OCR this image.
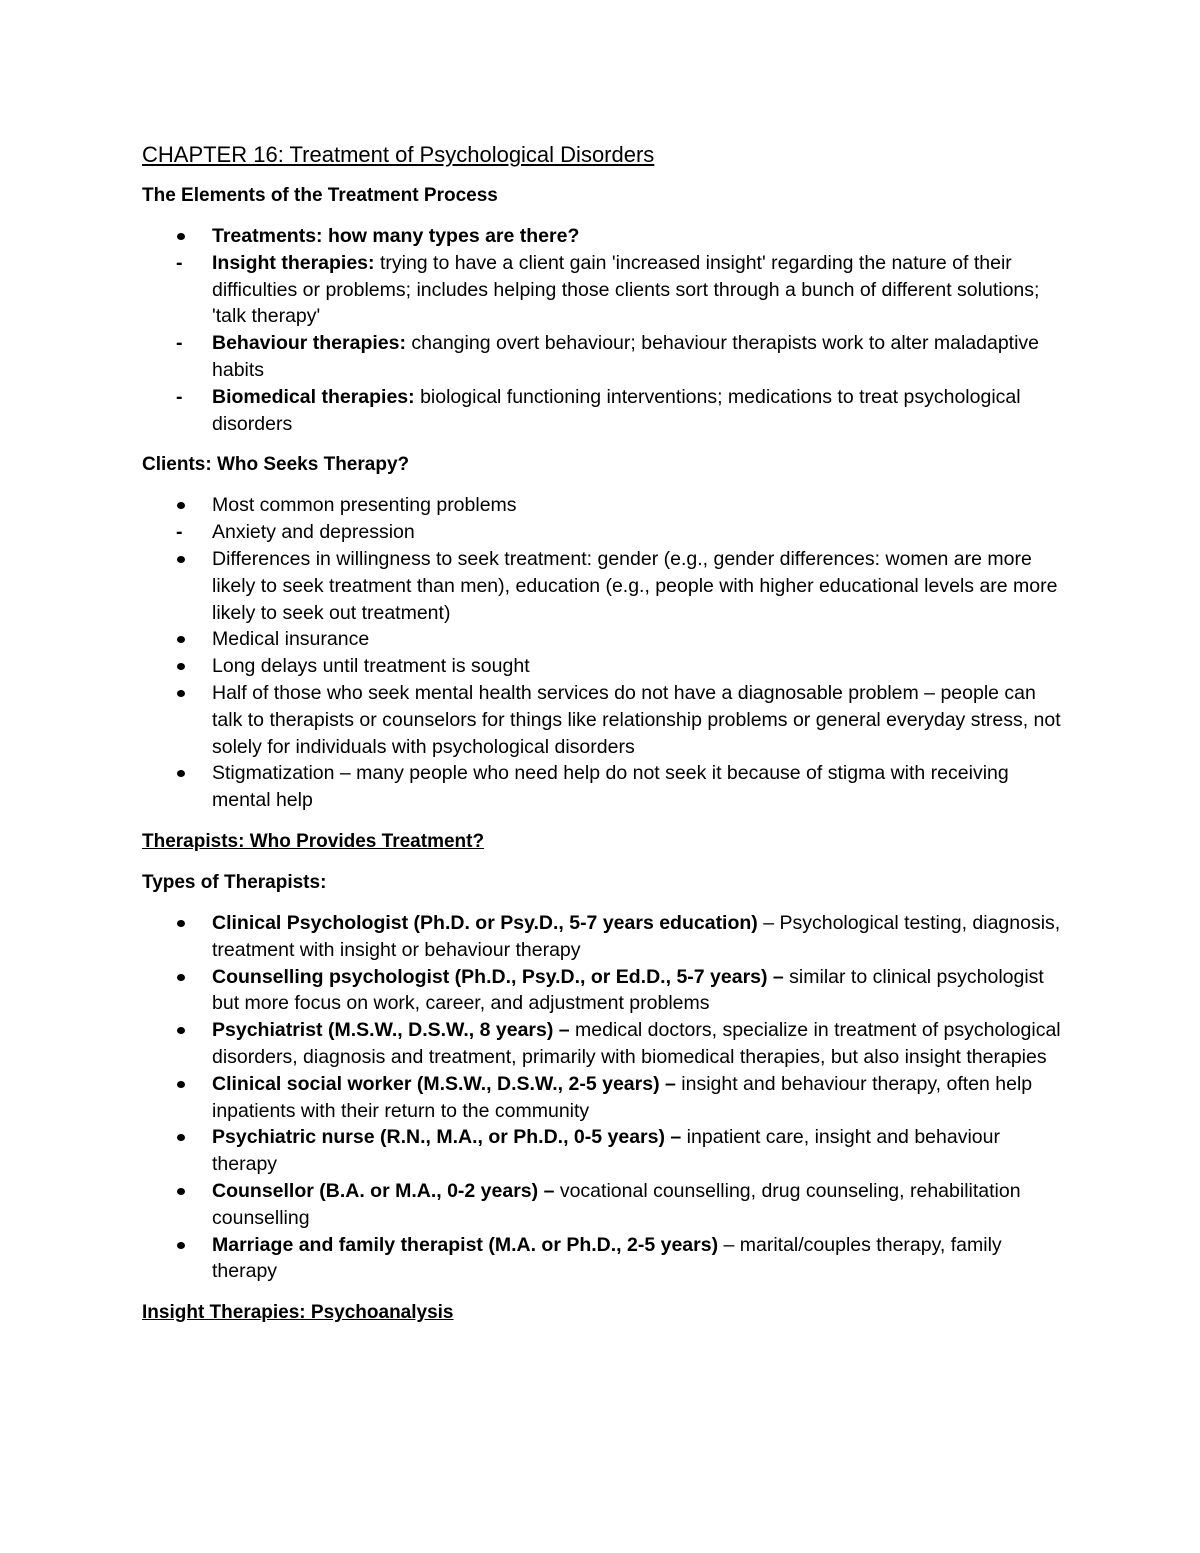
CHAPTER 16: Treatment of Psychological Disorders
The Elements of the Treatment Process
Treatments: how many types are there?
-	Insight therapies: trying to have a client gain 'increased insight' regarding the nature of their difficulties or problems; includes helping those clients sort through a bunch of different solutions; 'talk therapy'
-	Behaviour therapies: changing overt behaviour; behaviour therapists work to alter maladaptive habits
-	Biomedical therapies: biological functioning interventions; medications to treat psychological disorders
Clients: Who Seeks Therapy?
Most common presenting problems
-	Anxiety and depression
Differences in willingness to seek treatment: gender (e.g., gender differences: women are more likely to seek treatment than men), education (e.g., people with higher educational levels are more likely to seek out treatment)
Medical insurance
Long delays until treatment is sought
Half of those who seek mental health services do not have a diagnosable problem – people can talk to therapists or counselors for things like relationship problems or general everyday stress, not solely for individuals with psychological disorders
Stigmatization – many people who need help do not seek it because of stigma with receiving mental help
Therapists: Who Provides Treatment?
Types of Therapists:
Clinical Psychologist (Ph.D. or Psy.D., 5-7 years education) – Psychological testing, diagnosis, treatment with insight or behaviour therapy
Counselling psychologist (Ph.D., Psy.D., or Ed.D., 5-7 years) – similar to clinical psychologist but more focus on work, career, and adjustment problems
Psychiatrist (M.S.W., D.S.W., 8 years) – medical doctors, specialize in treatment of psychological disorders, diagnosis and treatment, primarily with biomedical therapies, but also insight therapies
Clinical social worker (M.S.W., D.S.W., 2-5 years) – insight and behaviour therapy, often help inpatients with their return to the community
Psychiatric nurse (R.N., M.A., or Ph.D., 0-5 years) – inpatient care, insight and behaviour therapy
Counsellor (B.A. or M.A., 0-2 years) – vocational counselling, drug counseling, rehabilitation counselling
Marriage and family therapist (M.A. or Ph.D., 2-5 years) – marital/couples therapy, family therapy
Insight Therapies: Psychoanalysis
